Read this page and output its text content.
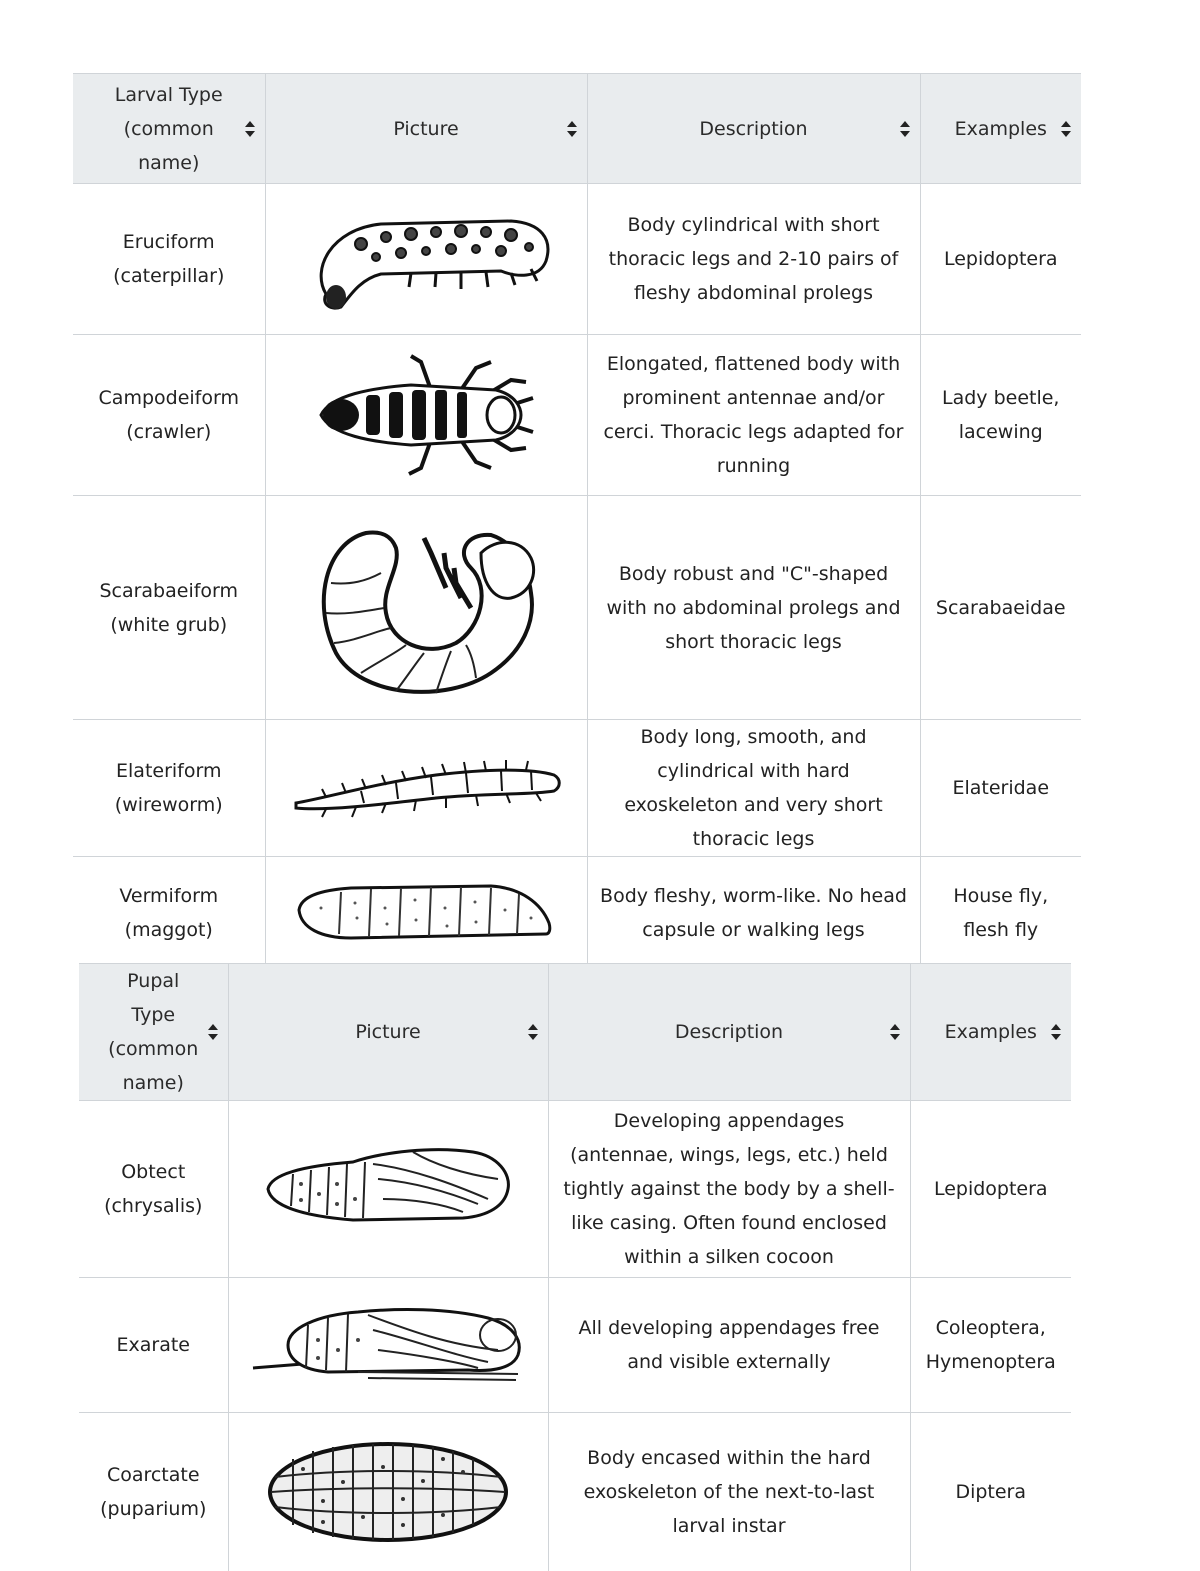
Larval Type (common name)	Picture	Description	Examples

Eruciform (caterpillar)		Body cylindrical with short thoracic legs and 2-10 pairs of fleshy abdominal prolegs	Lepidoptera
Campodeiform (crawler)		Elongated, flattened body with prominent antennae and/or cerci. Thoracic legs adapted for running	Lady beetle, lacewing
Scarabaeiform (white grub)		Body robust and "C"-shaped with no abdominal prolegs and short thoracic legs	Scarabaeidae
Elateriform (wireworm)		Body long, smooth, and cylindrical with hard exoskeleton and very short thoracic legs	Elateridae
Vermiform (maggot)		Body fleshy, worm-like. No head capsule or walking legs	House fly, flesh fly
Pupal Type (common name)	Picture	Description	Examples

Obtect (chrysalis)		Developing appendages (antennae, wings, legs, etc.) held tightly against the body by a shell-like casing. Often found enclosed within a silken cocoon	Lepidoptera
Exarate		All developing appendages free and visible externally	Coleoptera, Hymenoptera
Coarctate (puparium)		Body encased within the hard exoskeleton of the next-to-last larval instar	Diptera
